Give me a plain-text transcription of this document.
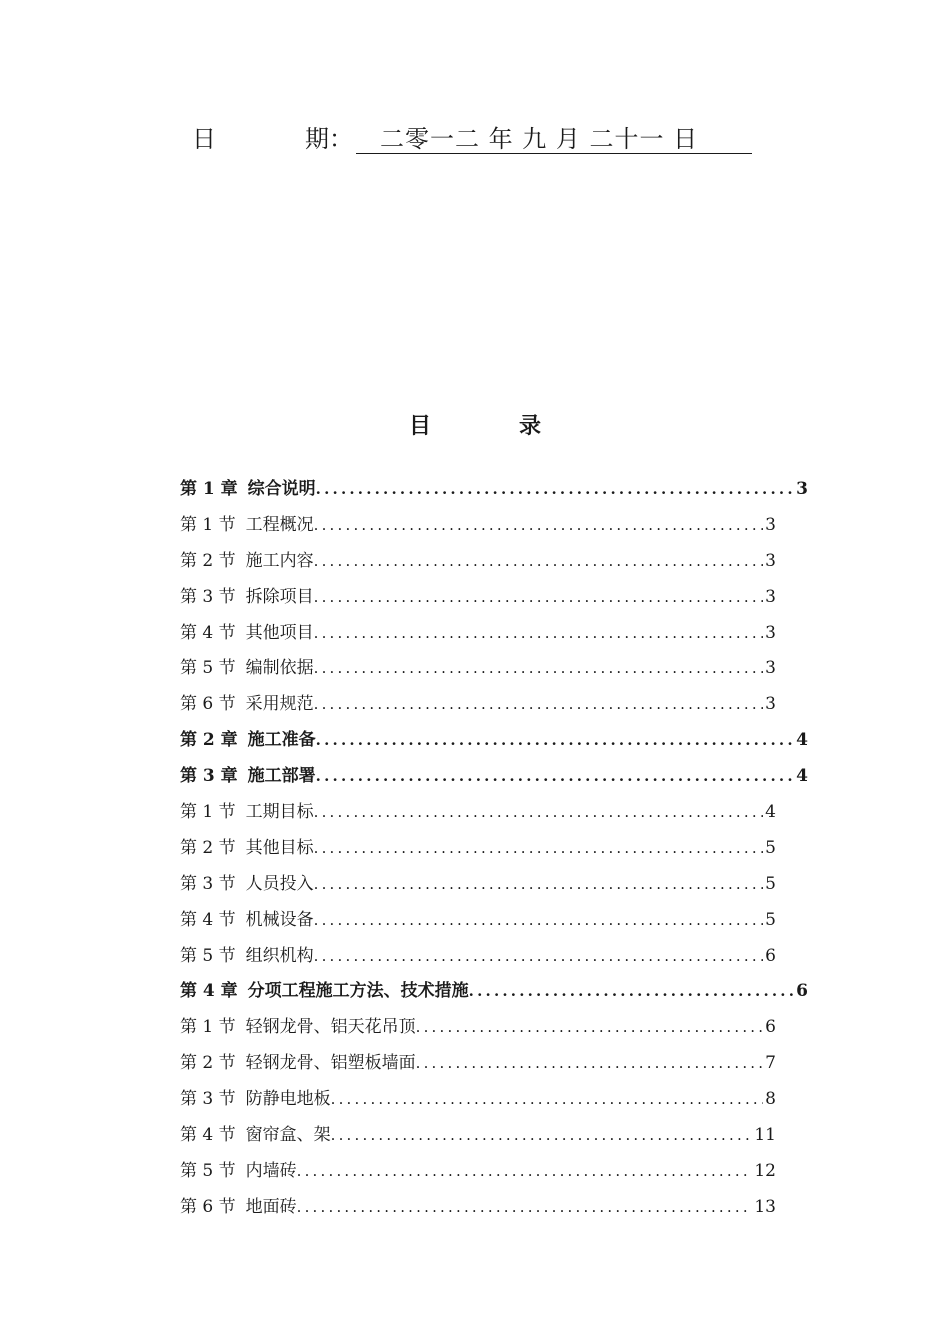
日	期：	二零一二 年 九 月 二十一 日
目	录
第 1 章 综合说明 .....	3
第 1 节 工程概况 .....	3
第 2 节 施工内容 .....	3
第 3 节 拆除项目 .....	3
第 4 节 其他项目 .....	3
第 5 节 编制依据 .....	3
第 6 节 采用规范 .....	3
第 2 章 施工准备 .....	4
第 3 章 施工部署 .....	4
第 1 节 工期目标 .....	4
第 2 节 其他目标 .....	5
第 3 节 人员投入 .....	5
第 4 节 机械设备 .....	5
第 5 节 组织机构 .....	6
第 4 章 分项工程施工方法、技术措施 .....	6
第 1 节 轻钢龙骨、铝天花吊顶 .....	6
第 2 节 轻钢龙骨、铝塑板墙面 .....	7
第 3 节 防静电地板 .....	8
第 4 节 窗帘盒、架 .....	11
第 5 节 内墙砖 .....	12
第 6 节 地面砖 .....	13
